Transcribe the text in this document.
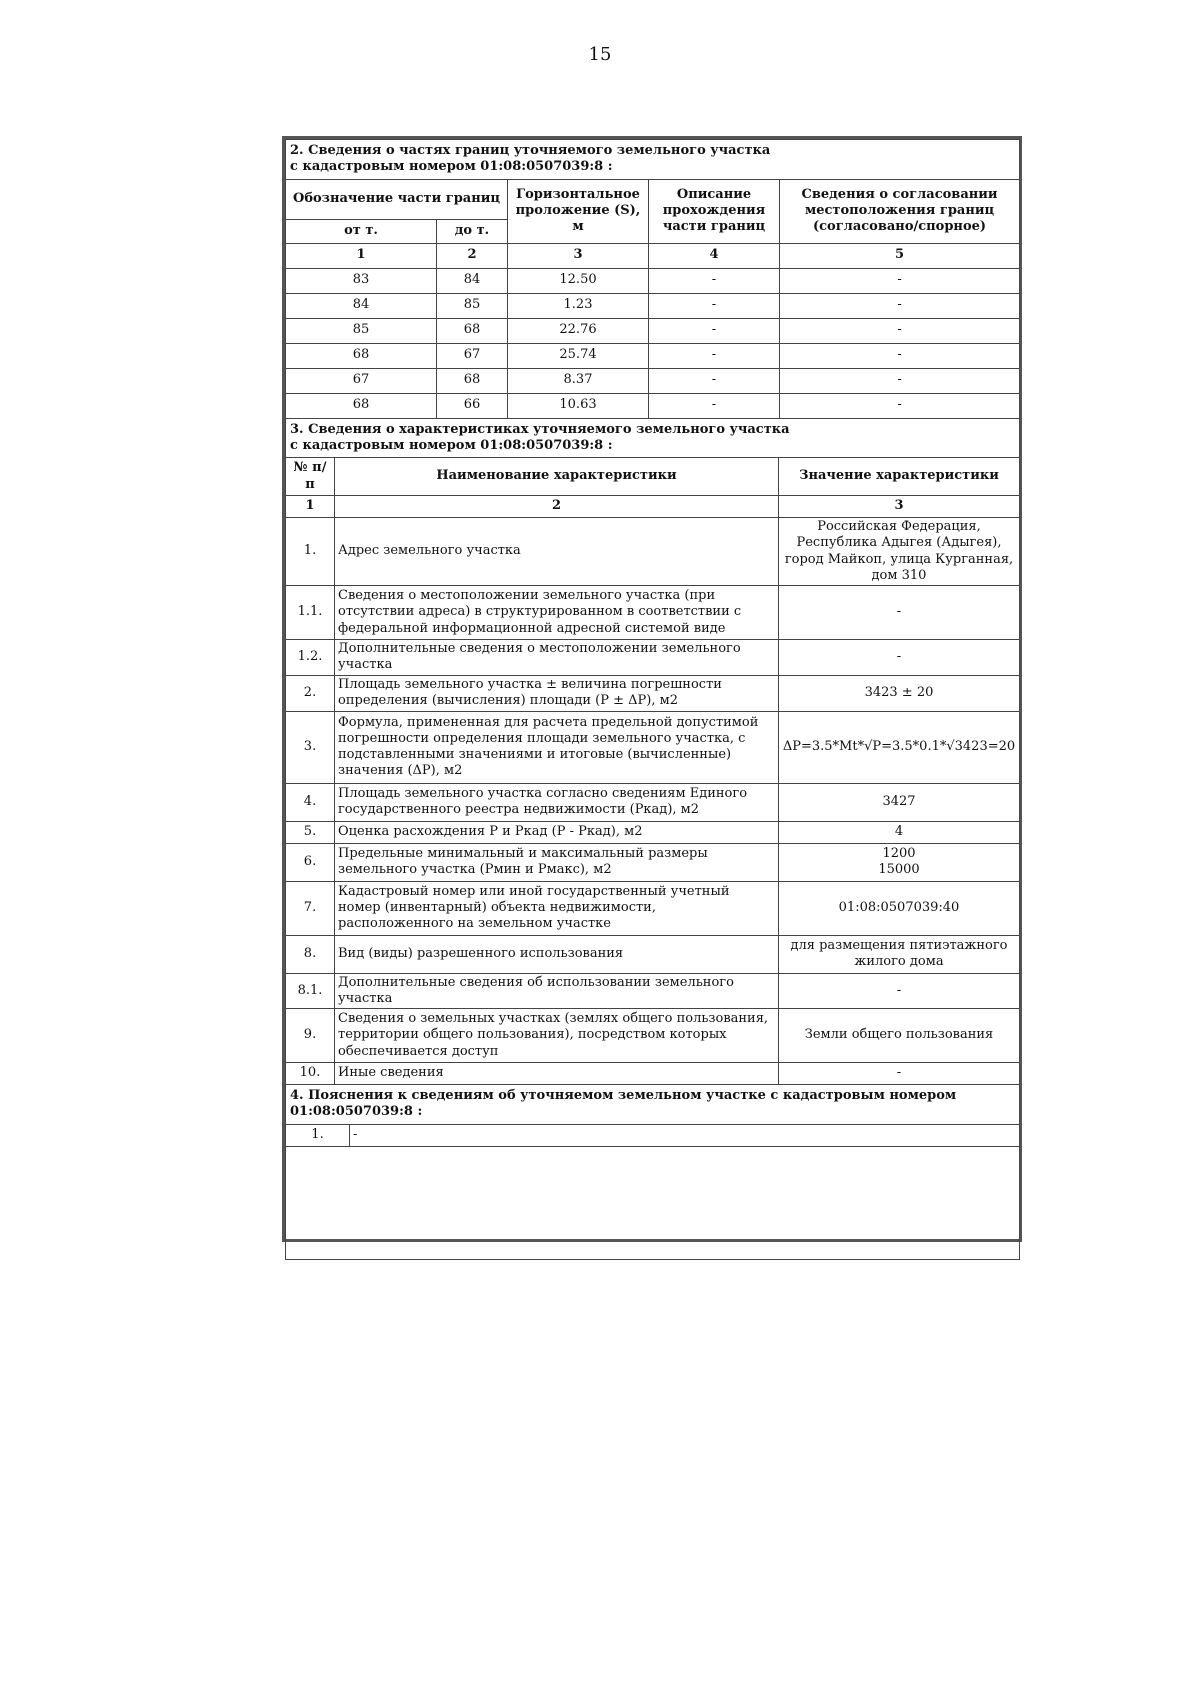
15
2. Сведения о частях границ уточняемого земельного участка
с кадастровым номером 01:08:0507039:8 :				

Обозначение части границ		Горизонтальное проложение (S), м	Описание прохождения части границ	Сведения о согласовании местоположения границ (согласовано/спорное)
от т.	до т.			
1	2	3	4	5
83	84	12.50	-	-
84	85	1.23	-	-
85	68	22.76	-	-
68	67	25.74	-	-
67	68	8.37	-	-
68	66	10.63	-	-
3. Сведения о характеристиках уточняемого земельного участка
с кадастровым номером 01:08:0507039:8 :		

№ п/п	Наименование характеристики	Значение характеристики
1	2	3
1.	Адрес земельного участка	Российская Федерация, Республика Адыгея (Адыгея), город Майкоп, улица Курганная, дом 310
1.1.	Сведения о местоположении земельного участка (при отсутствии адреса) в структурированном в соответствии с федеральной информационной адресной системой виде	-
1.2.	Дополнительные сведения о местоположении земельного участка	-
2.	Площадь земельного участка ± величина погрешности определения (вычисления) площади (Р ± ΔР), м2	3423 ± 20
3.	Формула, примененная для расчета предельной допустимой погрешности определения площади земельного участка, с подставленными значениями и итоговые (вычисленные) значения (ΔР), м2	ΔР=3.5*Mt*√P=3.5*0.1*√3423=20
4.	Площадь земельного участка согласно сведениям Единого государственного реестра недвижимости (Ркад), м2	3427
5.	Оценка расхождения Р и Ркад (Р - Ркад), м2	4
6.	Предельные минимальный и максимальный размеры земельного участка (Рмин и Рмакс), м2	1200
15000
7.	Кадастровый номер или иной государственный учетный номер (инвентарный) объекта недвижимости, расположенного на земельном участке	01:08:0507039:40
8.	Вид (виды) разрешенного использования	для размещения пятиэтажного жилого дома
8.1.	Дополнительные сведения об использовании земельного участка	-
9.	Сведения о земельных участках (землях общего пользования, территории общего пользования), посредством которых обеспечивается доступ	Земли общего пользования
10.	Иные сведения	-
4. Пояснения к сведениям об уточняемом земельном участке с кадастровым номером 01:08:0507039:8 :
1.	-
